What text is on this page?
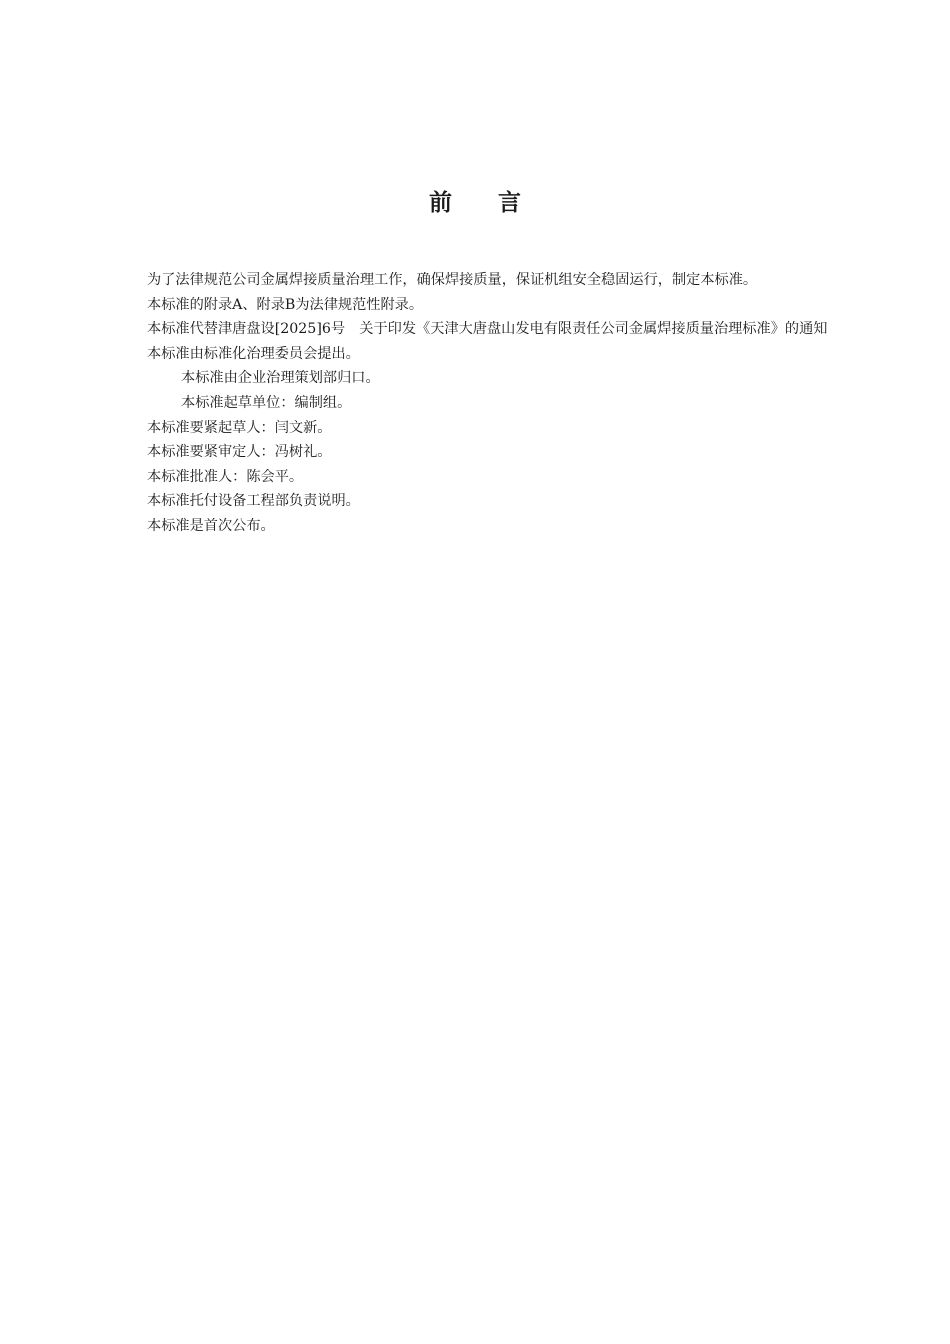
前　　言

为了法律规范公司金属焊接质量治理工作，确保焊接质量，保证机组安全稳固运行，制定本标准。

本标准的附录A、附录B为法律规范性附录。

本标准代替津唐盘设[2025]6号　关于印发《天津大唐盘山发电有限责任公司金属焊接质量治理标准》的通知

本标准由标准化治理委员会提出。

本标准由企业治理策划部归口。

本标准起草单位：编制组。

本标准要紧起草人：闫文新。

本标准要紧审定人：冯树礼。

本标准批准人：陈会平。

本标准托付设备工程部负责说明。

本标准是首次公布。
